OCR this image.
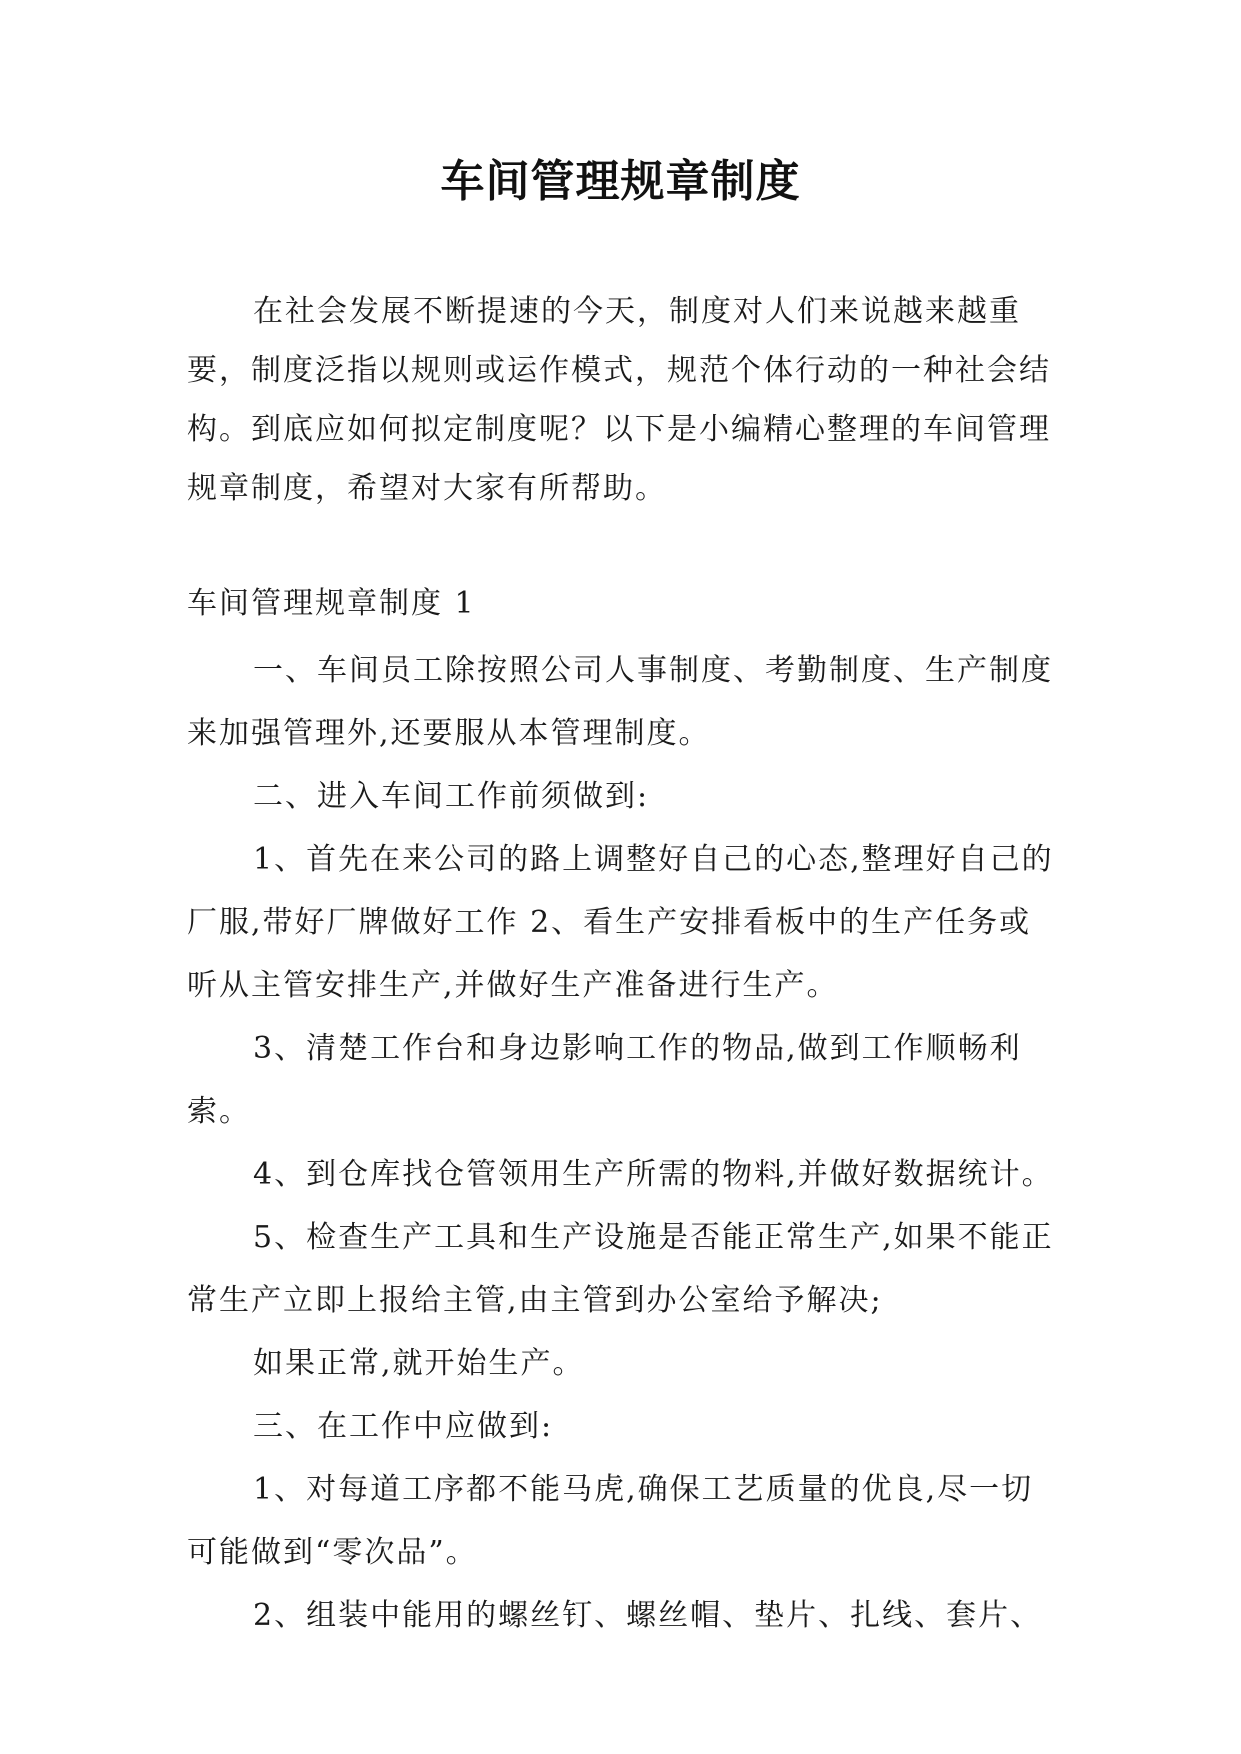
车间管理规章制度

在社会发展不断提速的今天，制度对人们来说越来越重要，制度泛指以规则或运作模式，规范个体行动的一种社会结构。到底应如何拟定制度呢？以下是小编精心整理的车间管理规章制度，希望对大家有所帮助。

车间管理规章制度 1

一、车间员工除按照公司人事制度、考勤制度、生产制度来加强管理外,还要服从本管理制度。

二、进入车间工作前须做到:

1、首先在来公司的路上调整好自己的心态,整理好自己的厂服,带好厂牌做好工作 2、看生产安排看板中的生产任务或听从主管安排生产,并做好生产准备进行生产。

3、清楚工作台和身边影响工作的物品,做到工作顺畅利索。

4、到仓库找仓管领用生产所需的物料,并做好数据统计。

5、检查生产工具和生产设施是否能正常生产,如果不能正常生产立即上报给主管,由主管到办公室给予解决;

如果正常,就开始生产。

三、在工作中应做到:

1、对每道工序都不能马虎,确保工艺质量的优良,尽一切可能做到“零次品”。

2、组装中能用的螺丝钉、螺丝帽、垫片、扎线、套片、
